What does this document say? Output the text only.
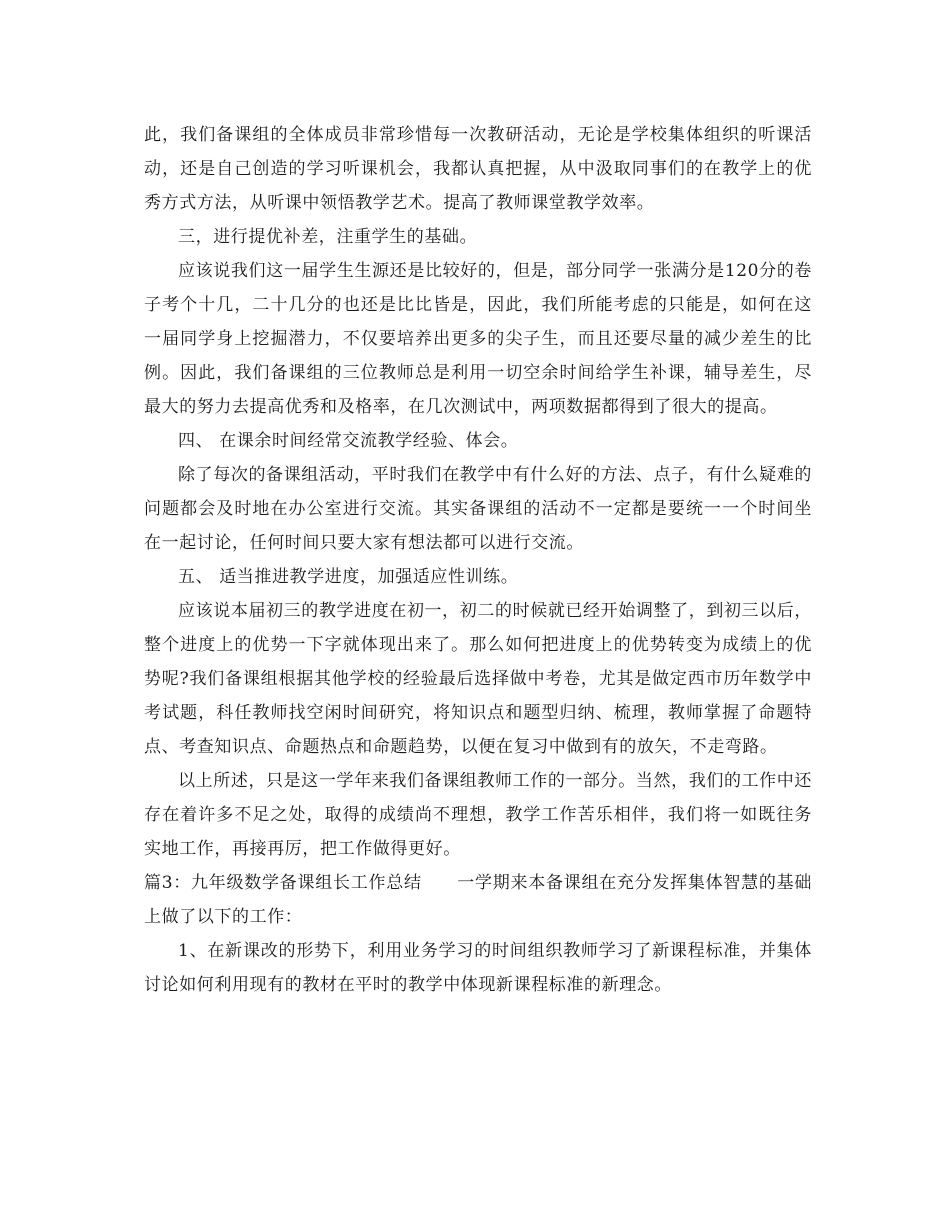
此，我们备课组的全体成员非常珍惜每一次教研活动，无论是学校集体组织的听课活动，还是自己创造的学习听课机会，我都认真把握，从中汲取同事们的在教学上的优秀方式方法，从听课中领悟教学艺术。提高了教师课堂教学效率。

三，进行提优补差，注重学生的基础。

应该说我们这一届学生生源还是比较好的，但是，部分同学一张满分是120分的卷子考个十几，二十几分的也还是比比皆是，因此，我们所能考虑的只能是，如何在这一届同学身上挖掘潜力，不仅要培养出更多的尖子生，而且还要尽量的减少差生的比例。因此，我们备课组的三位教师总是利用一切空余时间给学生补课，辅导差生，尽最大的努力去提高优秀和及格率，在几次测试中，两项数据都得到了很大的提高。

四、 在课余时间经常交流教学经验、体会。

除了每次的备课组活动，平时我们在教学中有什么好的方法、点子，有什么疑难的问题都会及时地在办公室进行交流。其实备课组的活动不一定都是要统一一个时间坐在一起讨论，任何时间只要大家有想法都可以进行交流。

五、 适当推进教学进度，加强适应性训练。

应该说本届初三的教学进度在初一，初二的时候就已经开始调整了，到初三以后，整个进度上的优势一下字就体现出来了。那么如何把进度上的优势转变为成绩上的优势呢?我们备课组根据其他学校的经验最后选择做中考卷，尤其是做定西市历年数学中考试题，科任教师找空闲时间研究，将知识点和题型归纳、梳理，教师掌握了命题特点、考查知识点、命题热点和命题趋势，以便在复习中做到有的放矢，不走弯路。

以上所述，只是这一学年来我们备课组教师工作的一部分。当然，我们的工作中还存在着许多不足之处，取得的成绩尚不理想，教学工作苦乐相伴，我们将一如既往务实地工作，再接再厉，把工作做得更好。

篇3：九年级数学备课组长工作总结　　一学期来本备课组在充分发挥集体智慧的基础上做了以下的工作：

1、在新课改的形势下，利用业务学习的时间组织教师学习了新课程标准，并集体讨论如何利用现有的教材在平时的教学中体现新课程标准的新理念。
